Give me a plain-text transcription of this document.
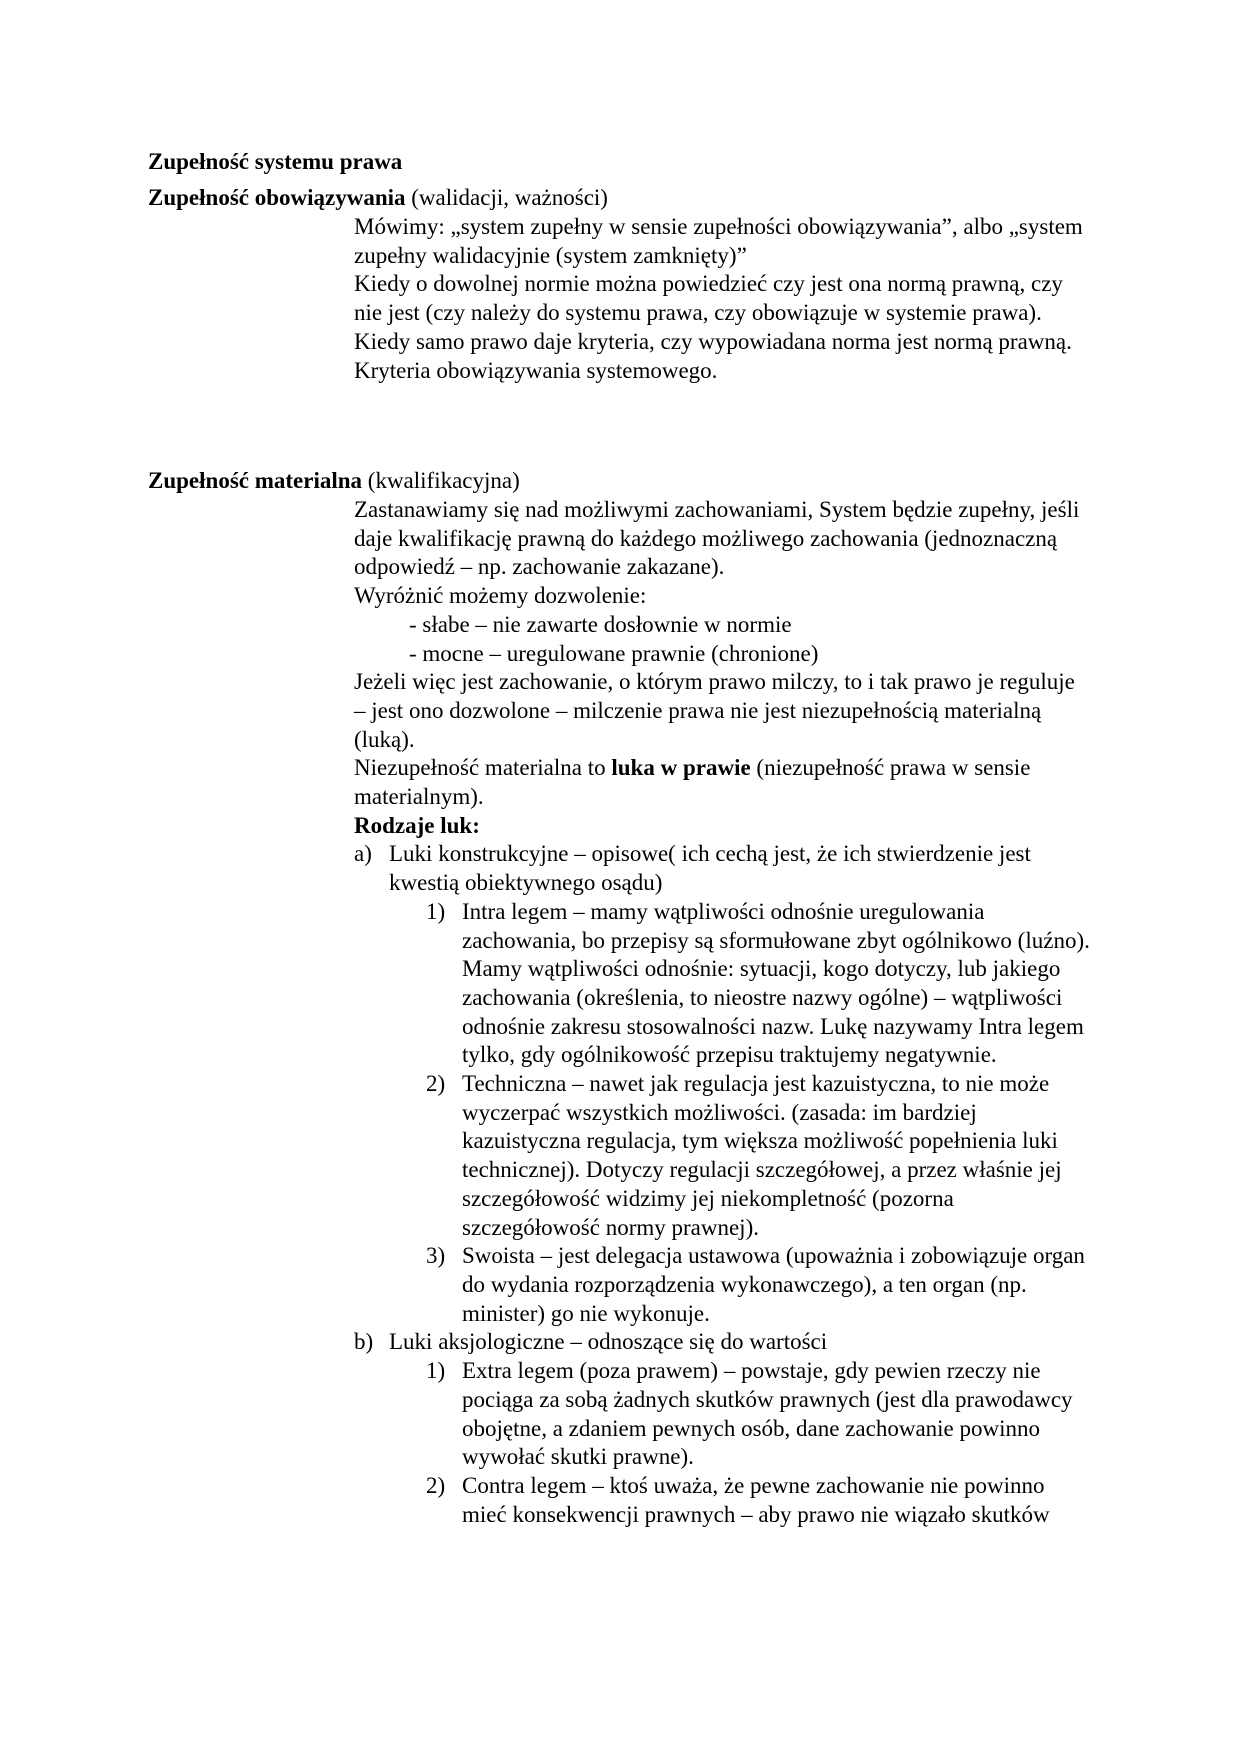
Zupełność systemu prawa

Zupełność obowiązywania (walidacji, ważności)

Mówimy: „system zupełny w sensie zupełności obowiązywania”, albo „system zupełny walidacyjnie (system zamknięty)”

Kiedy o dowolnej normie można powiedzieć czy jest ona normą prawną, czy nie jest (czy należy do systemu prawa, czy obowiązuje w systemie prawa).

Kiedy samo prawo daje kryteria, czy wypowiadana norma jest normą prawną.

Kryteria obowiązywania systemowego.

Zupełność materialna (kwalifikacyjna)

Zastanawiamy się nad możliwymi zachowaniami, System będzie zupełny, jeśli daje kwalifikację prawną do każdego możliwego zachowania (jednoznaczną odpowiedź – np. zachowanie zakazane).

Wyróżnić możemy dozwolenie:

- słabe – nie zawarte dosłownie w normie

- mocne – uregulowane prawnie (chronione)

Jeżeli więc jest zachowanie, o którym prawo milczy, to i tak prawo je reguluje – jest ono dozwolone – milczenie prawa nie jest niezupełnością materialną (luką).

Niezupełność materialna to luka w prawie (niezupełność prawa w sensie materialnym).

Rodzaje luk:

a) Luki konstrukcyjne – opisowe( ich cechą jest, że ich stwierdzenie jest kwestią obiektywnego osądu)

1) Intra legem – mamy wątpliwości odnośnie uregulowania zachowania, bo przepisy są sformułowane zbyt ogólnikowo (luźno). Mamy wątpliwości odnośnie: sytuacji, kogo dotyczy, lub jakiego zachowania (określenia, to nieostre nazwy ogólne) – wątpliwości odnośnie zakresu stosowalności nazw. Lukę nazywamy Intra legem tylko, gdy ogólnikowość przepisu traktujemy negatywnie.

2) Techniczna – nawet jak regulacja jest kazuistyczna, to nie może wyczerpać wszystkich możliwości. (zasada: im bardziej kazuistyczna regulacja, tym większa możliwość popełnienia luki technicznej). Dotyczy regulacji szczegółowej, a przez właśnie jej szczegółowość widzimy jej niekompletność (pozorna szczegółowość normy prawnej).

3) Swoista – jest delegacja ustawowa (upoważnia i zobowiązuje organ do wydania rozporządzenia wykonawczego), a ten organ (np. minister) go nie wykonuje.

b) Luki aksjologiczne – odnoszące się do wartości

1) Extra legem (poza prawem) – powstaje, gdy pewien rzeczy nie pociąga za sobą żadnych skutków prawnych (jest dla prawodawcy obojętne, a zdaniem pewnych osób, dane zachowanie powinno wywołać skutki prawne).

2) Contra legem – ktoś uważa, że pewne zachowanie nie powinno mieć konsekwencji prawnych – aby prawo nie wiązało skutków
